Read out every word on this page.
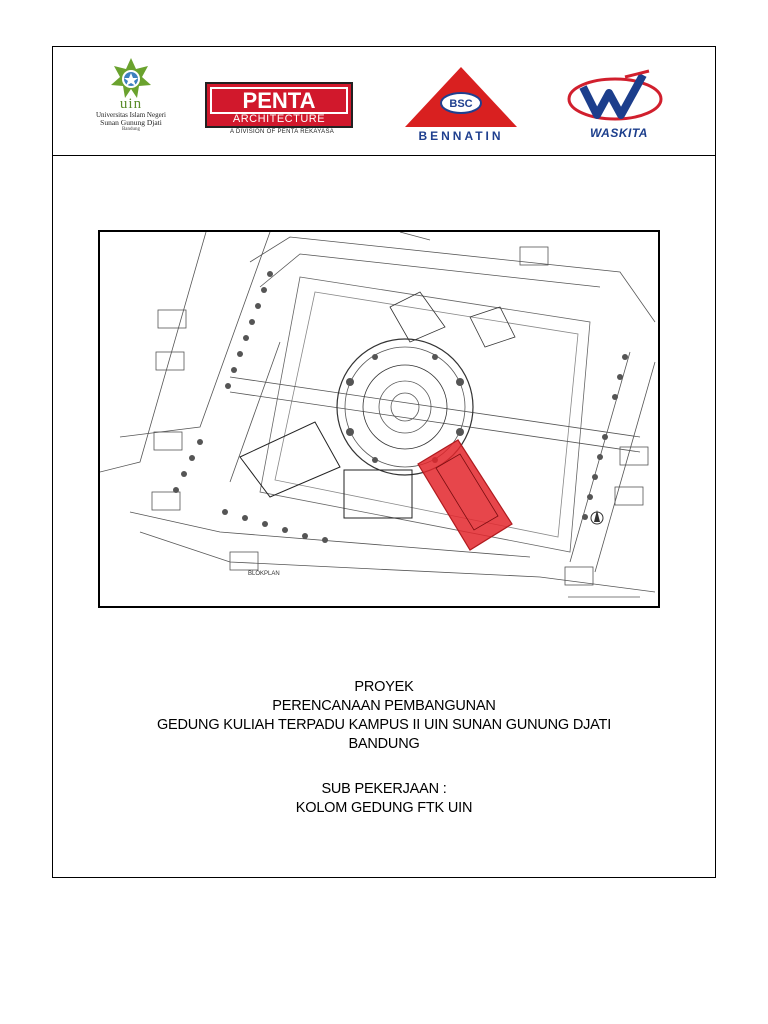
uin
Universitas Islam Negeri
Sunan Gunung Djati
Bandung
PENTA
ARCHITECTURE
A DIVISION OF PENTA REKAYASA
BSC
BENNATIN	WASKITA
BLOKPLAN
PROYEK
PERENCANAAN PEMBANGUNAN
GEDUNG KULIAH TERPADU KAMPUS II UIN SUNAN GUNUNG DJATI
BANDUNG
SUB PEKERJAAN :
KOLOM GEDUNG FTK UIN
